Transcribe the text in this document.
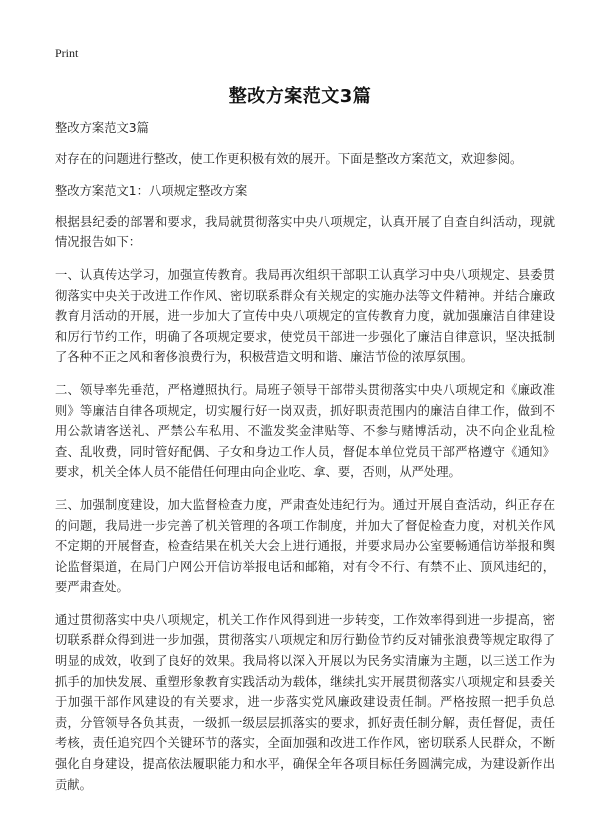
Print
整改方案范文3篇

整改方案范文3篇

对存在的问题进行整改，使工作更积极有效的展开。下面是整改方案范文，欢迎参阅。

整改方案范文1：八项规定整改方案

根据县纪委的部署和要求，我局就贯彻落实中央八项规定，认真开展了自查自纠活动，现就情况报告如下：

一、认真传达学习，加强宣传教育。我局再次组织干部职工认真学习中央八项规定、县委贯彻落实中央关于改进工作作风、密切联系群众有关规定的实施办法等文件精神。并结合廉政教育月活动的开展，进一步加大了宣传中央八项规定的宣传教育力度，就加强廉洁自律建设和厉行节约工作，明确了各项规定要求，使党员干部进一步强化了廉洁自律意识，坚决抵制了各种不正之风和奢侈浪费行为，积极营造文明和谐、廉洁节俭的浓厚氛围。

二、领导率先垂范，严格遵照执行。局班子领导干部带头贯彻落实中央八项规定和《廉政准则》等廉洁自律各项规定，切实履行好一岗双责，抓好职责范围内的廉洁自律工作，做到不用公款请客送礼、严禁公车私用、不滥发奖金津贴等、不参与赌博活动，决不向企业乱检查、乱收费，同时管好配偶、子女和身边工作人员，督促本单位党员干部严格遵守《通知》要求，机关全体人员不能借任何理由向企业吃、拿、要，否则，从严处理。

三、加强制度建设，加大监督检查力度，严肃查处违纪行为。通过开展自查活动，纠正存在的问题，我局进一步完善了机关管理的各项工作制度，并加大了督促检查力度，对机关作风不定期的开展督查，检查结果在机关大会上进行通报，并要求局办公室要畅通信访举报和舆论监督渠道，在局门户网公开信访举报电话和邮箱，对有令不行、有禁不止、顶风违纪的，要严肃查处。

通过贯彻落实中央八项规定，机关工作作风得到进一步转变，工作效率得到进一步提高，密切联系群众得到进一步加强，贯彻落实八项规定和厉行勤俭节约反对铺张浪费等规定取得了明显的成效，收到了良好的效果。我局将以深入开展以为民务实清廉为主题，以三送工作为抓手的加快发展、重塑形象教育实践活动为载体，继续扎实开展贯彻落实八项规定和县委关于加强干部作风建设的有关要求，进一步落实党风廉政建设责任制。严格按照一把手负总责，分管领导各负其责，一级抓一级层层抓落实的要求，抓好责任制分解，责任督促，责任考核，责任追究四个关键环节的落实，全面加强和改进工作作风，密切联系人民群众，不断强化自身建设，提高依法履职能力和水平，确保全年各项目标任务圆满完成，为建设新作出贡献。
